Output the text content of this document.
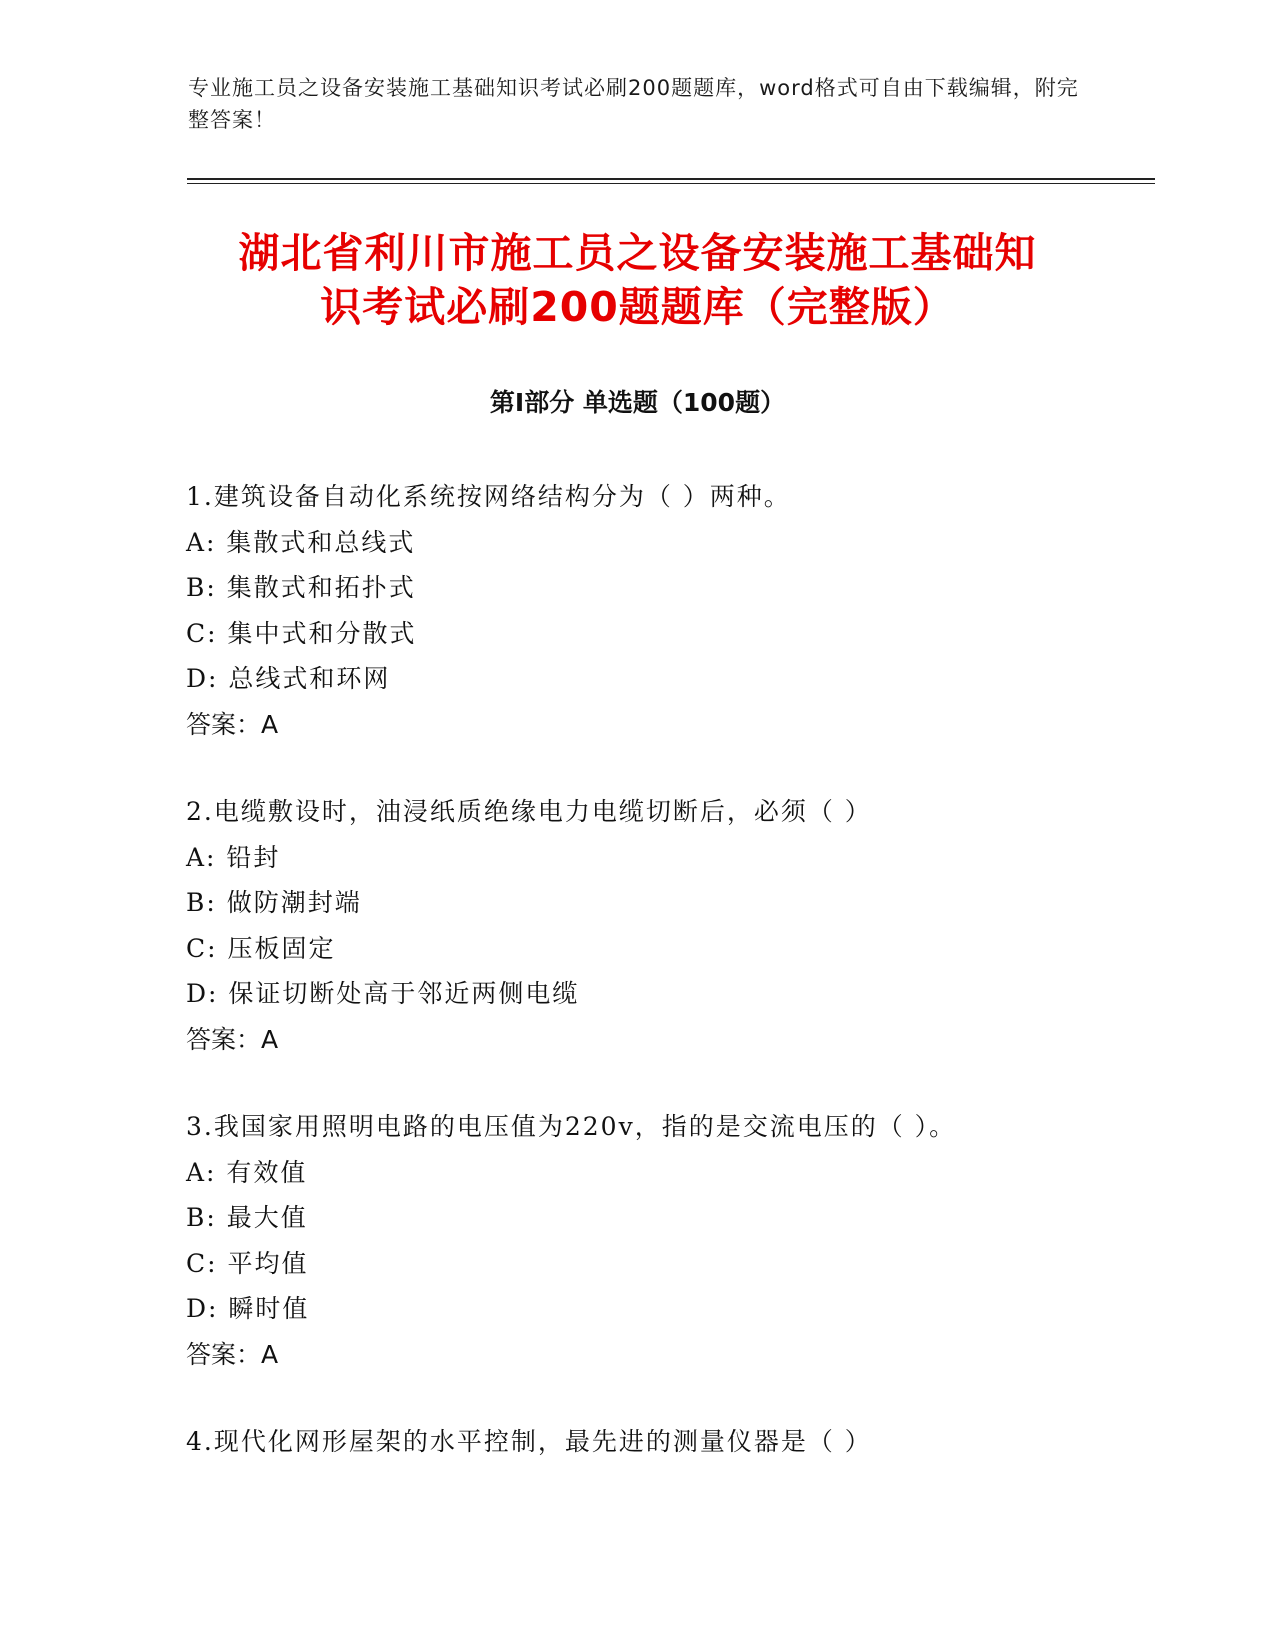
专业施工员之设备安装施工基础知识考试必刷200题题库，word格式可自由下载编辑，附完整答案！
湖北省利川市施工员之设备安装施工基础知
识考试必刷200题题库（完整版）
第Ⅰ部分 单选题（100题）
1.建筑设备自动化系统按网络结构分为（ ）两种。
A: 集散式和总线式
B: 集散式和拓扑式
C: 集中式和分散式
D: 总线式和环网
答案：A
2.电缆敷设时，油浸纸质绝缘电力电缆切断后，必须（ ）
A: 铅封
B: 做防潮封端
C: 压板固定
D: 保证切断处高于邻近两侧电缆
答案：A
3.我国家用照明电路的电压值为220v，指的是交流电压的（ ）。
A: 有效值
B: 最大值
C: 平均值
D: 瞬时值
答案：A
4.现代化网形屋架的水平控制，最先进的测量仪器是（ ）
